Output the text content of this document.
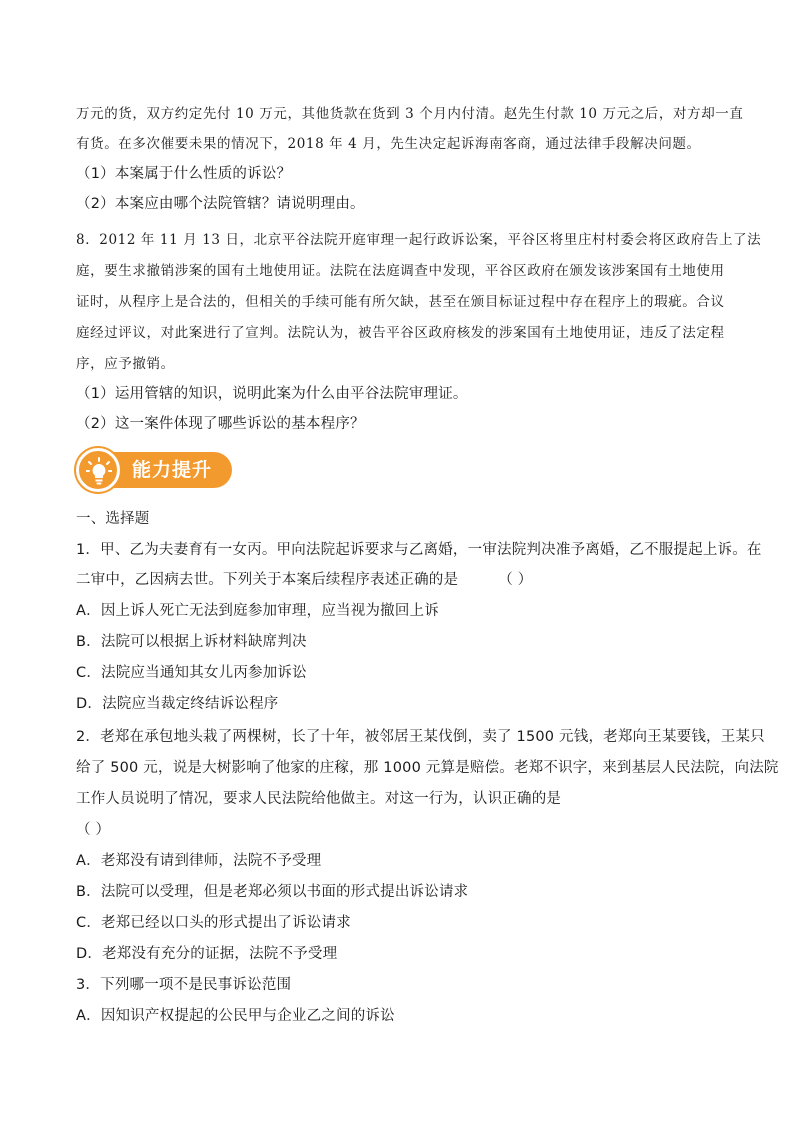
万元的货，双方约定先付 10 万元，其他货款在货到 3 个月内付清。赵先生付款 10 万元之后，对方却一直
有货。在多次催要未果的情况下，2018 年 4 月，先生决定起诉海南客商，通过法律手段解决问题。
（1）本案属于什么性质的诉讼？
（2）本案应由哪个法院管辖？请说明理由。
8．2012 年 11 月 13 日，北京平谷法院开庭审理一起行政诉讼案，平谷区将里庄村村委会将区政府告上了法
庭，要生求撤销涉案的国有土地使用证。法院在法庭调查中发现，平谷区政府在颁发该涉案国有土地使用
证时，从程序上是合法的，但相关的手续可能有所欠缺，甚至在颁目标证过程中存在程序上的瑕疵。合议
庭经过评议，对此案进行了宣判。法院认为，被告平谷区政府核发的涉案国有土地使用证，违反了法定程
序，应予撤销。
（1）运用管辖的知识，说明此案为什么由平谷法院审理证。
（2）这一案件体现了哪些诉讼的基本程序？
能力提升
一、选择题
1．甲、乙为夫妻育有一女丙。甲向法院起诉要求与乙离婚，一审法院判决准予离婚，乙不服提起上诉。在
二审中，乙因病去世。下列关于本案后续程序表述正确的是	（ ）
A．因上诉人死亡无法到庭参加审理，应当视为撤回上诉
B．法院可以根据上诉材料缺席判决
C．法院应当通知其女儿丙参加诉讼
D．法院应当裁定终结诉讼程序
2．老郑在承包地头栽了两棵树，长了十年，被邻居王某伐倒，卖了 1500 元钱，老郑向王某要钱，王某只
给了 500 元，说是大树影响了他家的庄稼，那 1000 元算是赔偿。老郑不识字，来到基层人民法院，向法院
工作人员说明了情况，要求人民法院给他做主。对这一行为，认识正确的是
（ ）
A．老郑没有请到律师，法院不予受理
B．法院可以受理，但是老郑必须以书面的形式提出诉讼请求
C．老郑已经以口头的形式提出了诉讼请求
D．老郑没有充分的证据，法院不予受理
3．下列哪一项不是民事诉讼范围
A．因知识产权提起的公民甲与企业乙之间的诉讼
